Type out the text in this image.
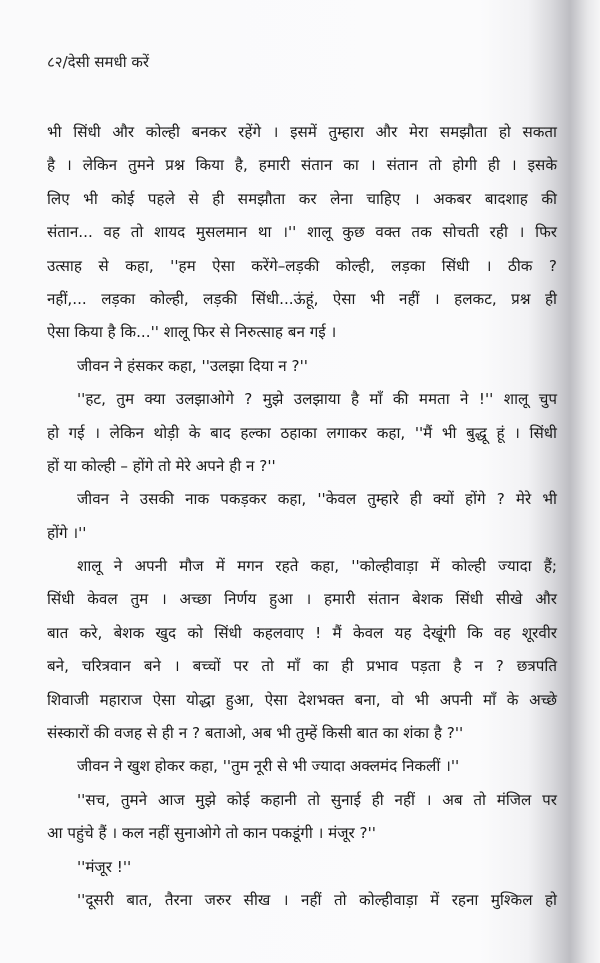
८२/देसी समधी करें
भी सिंधी और कोल्ही बनकर रहेंगे । इसमें तुम्हारा और मेरा समझौता हो सकता
है । लेकिन तुमने प्रश्न किया है, हमारी संतान का । संतान तो होगी ही । इसके
लिए भी कोई पहले से ही समझौता कर लेना चाहिए । अकबर बादशाह की
संतान... वह तो शायद मुसलमान था ।'' शालू कुछ वक्त तक सोचती रही । फिर
उत्साह से कहा, ''हम ऐसा करेंगे–लड़की कोल्ही, लड़का सिंधी । ठीक ?
नहीं,... लड़का कोल्ही, लड़की सिंधी...ऊंहूं, ऐसा भी नहीं । हलकट, प्रश्न ही
ऐसा किया है कि...'' शालू फिर से निरुत्साह बन गई ।
जीवन ने हंसकर कहा, ''उलझा दिया न ?''
''हट, तुम क्या उलझाओगे ? मुझे उलझाया है माँ की ममता ने !'' शालू चुप
हो गई । लेकिन थोड़ी के बाद हल्का ठहाका लगाकर कहा, ''मैं भी बुद्धू हूं । सिंधी
हों या कोल्ही – होंगे तो मेरे अपने ही न ?''
जीवन ने उसकी नाक पकड़कर कहा, ''केवल तुम्हारे ही क्यों होंगे ? मेरे भी
होंगे ।''
शालू ने अपनी मौज में मगन रहते कहा, ''कोल्हीवाड़ा में कोल्ही ज्यादा हैं;
सिंधी केवल तुम । अच्छा निर्णय हुआ । हमारी संतान बेशक सिंधी सीखे और
बात करे, बेशक खुद को सिंधी कहलवाए ! मैं केवल यह देखूंगी कि वह शूरवीर
बने, चरित्रवान बने । बच्चों पर तो माँ का ही प्रभाव पड़ता है न ? छत्रपति
शिवाजी महाराज ऐसा योद्धा हुआ, ऐसा देशभक्त बना, वो भी अपनी माँ के अच्छे
संस्कारों की वजह से ही न ? बताओ, अब भी तुम्हें किसी बात का शंका है ?''
जीवन ने खुश होकर कहा, ''तुम नूरी से भी ज्यादा अक्लमंद निकलीं ।''
''सच, तुमने आज मुझे कोई कहानी तो सुनाई ही नहीं । अब तो मंजिल पर
आ पहुंचे हैं । कल नहीं सुनाओगे तो कान पकडूंगी । मंजूर ?''
''मंजूर !''
''दूसरी बात, तैरना जरुर सीख । नहीं तो कोल्हीवाड़ा में रहना मुश्किल हो
